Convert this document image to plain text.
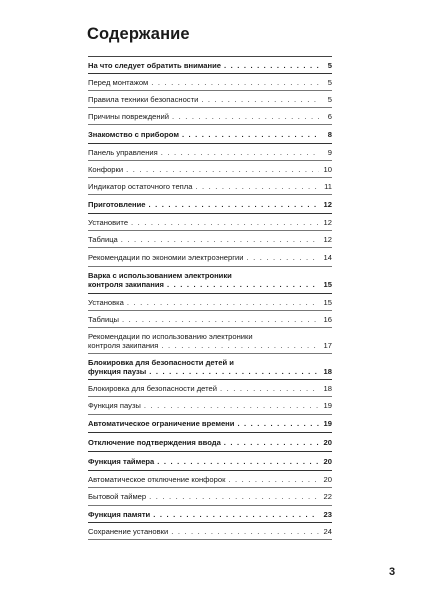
Содержание
На что следует обратить внимание . . .	5
Перед монтажом . . .	5
Правила техники безопасности . . .	5
Причины повреждений . . .	6
Знакомство с прибором . . .	8
Панель управления . . .	9
Конфорки . . .	10
Индикатор остаточного тепла . . .	11
Приготовление . . .	12
Установите . . .	12
Таблица . . .	12
Рекомендации по экономии электроэнергии . . .	14
Варка с использованием электроники
контроля закипания . . .	15
Установка . . .	15
Таблицы . . .	16
Рекомендации по использованию электроники
контроля закипания . . .	17
Блокировка для безопасности детей и
функция паузы . . .	18
Блокировка для безопасности детей . . .	18
Функция паузы . . .	19
Автоматическое ограничение времени . . .	19
Отключение подтверждения ввода . . .	20
Функция таймера . . .	20
Автоматическое отключение конфорок . . .	20
Бытовой таймер . . .	22
Функция памяти . . .	23
Сохранение установки . . .	24
3
